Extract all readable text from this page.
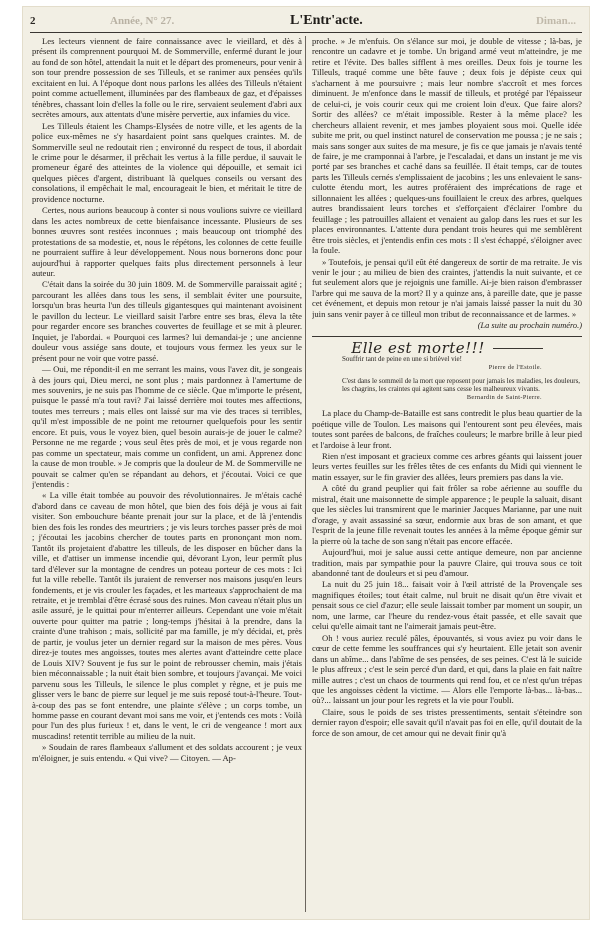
2	Année, N° 27.	L'Entr'acte.	Diman...

Les lecteurs viennent de faire connaissance avec le vieillard, et dès à présent ils comprennent pourquoi M. de Sommerville, enfermé durant le jour au fond de son hôtel, attendait la nuit et le départ des promeneurs, pour venir à son tour prendre possession de ses Tilleuls, et se ranimer aux pensées qu'ils excitaient en lui. A l'époque dont nous parlons les allées des Tilleuls n'étaient point comme actuellement, illuminées par des flambeaux de gaz, et d'épaisses ténèbres, chassant loin d'elles la folle ou le rire, servaient seulement d'abri aux secrètes amours, aux attentats d'une misère pervertie, aux infamies du vice.

Les Tilleuls étaient les Champs-Elysées de notre ville, et les agents de la police eux-mêmes ne s'y hasardaient point sans quelques craintes. M. de Sommerville seul ne redoutait rien ; environné du respect de tous, il abordait le crime pour le désarmer, il prêchait les vertus à la fille perdue, il sauvait le promeneur égaré des atteintes de la violence qui dépouille, et semait ici quelques pièces d'argent, distribuant là quelques conseils ou versant des consolations, il empêchait le mal, encourageait le bien, et méritait le titre de providence nocturne.

Certes, nous aurions beaucoup à conter si nous voulions suivre ce vieillard dans les actes nombreux de cette bienfaisance incessante. Plusieurs de ses bonnes œuvres sont restées inconnues ; mais beaucoup ont triomphé des protestations de sa modestie, et, nous le répétons, les colonnes de cette feuille ne pourraient suffire à leur développement. Nous nous bornerons donc pour aujourd'hui à rapporter quelques faits plus directement personnels à leur auteur.

C'était dans la soirée du 30 juin 1809. M. de Sommerville paraissait agité ; parcourant les allées dans tous les sens, il semblait éviter une poursuite, lorsqu'un bras heurta l'un des tilleuls gigantesques qui maintenant avoisinent le pavillon du lecteur. Le vieillard saisit l'arbre entre ses bras, éleva la tête pour regarder encore ses branches couvertes de feuillage et se mit à pleurer. Inquiet, je l'abordai. « Pourquoi ces larmes? lui demandai-je ; une ancienne douleur vous assiége sans doute, et toujours vous fermez les yeux sur le présent pour ne voir que votre passé.

— Oui, me répondit-il en me serrant les mains, vous l'avez dit, je songeais à des jours qui, Dieu merci, ne sont plus ; mais pardonnez à l'amertume de mes souvenirs, je ne suis pas l'homme de ce siècle. Que m'importe le présent, puisque le passé m'a tout ravi? J'ai laissé derrière moi toutes mes affections, toutes mes terreurs ; mais elles ont laissé sur ma vie des traces si terribles, qu'il m'est impossible de ne point me retourner quelquefois pour les sentir encore. Et puis, vous le voyez bien, quel besoin aurais-je de jouer le calme? Personne ne me regarde ; vous seul êtes près de moi, et je vous regarde non pas comme un spectateur, mais comme un confident, un ami. Apprenez donc la cause de mon trouble. » Je compris que la douleur de M. de Sommerville ne pouvait se calmer qu'en se répandant au dehors, et j'écoutai. Voici ce que j'entendis :

« La ville était tombée au pouvoir des révolutionnaires. Je m'étais caché d'abord dans ce caveau de mon hôtel, que bien des fois déjà je vous ai fait visiter. Son embouchure béante prenait jour sur la place, et de là j'entendis bien des fois les rondes des meurtriers ; je vis leurs torches passer près de moi ; j'écoutai les jacobins chercher de toutes parts en prononçant mon nom. Tantôt ils projetaient d'abattre les tilleuls, de les disposer en bûcher dans la ville, et d'attiser un immense incendie qui, dévorant Lyon, leur permît plus tard d'élever sur la montagne de cendres un poteau porteur de ces mots : Ici fut la ville rebelle. Tantôt ils juraient de renverser nos maisons jusqu'en leurs fondements, et je vis crouler les façades, et les marteaux s'approchaient de ma retraite, et je tremblai d'être écrasé sous des ruines. Mon caveau n'était plus un asile assuré, je le quittai pour m'enterrer ailleurs. Cependant une voie m'était ouverte pour quitter ma patrie ; long-temps j'hésitai à la prendre, dans la crainte d'une trahison ; mais, sollicité par ma famille, je m'y décidai, et, près de partir, je voulus jeter un dernier regard sur la maison de mes pères. Vous direz-je toutes mes angoisses, toutes mes alertes avant d'atteindre cette place de Louis XIV? Souvent je fus sur le point de rebrousser chemin, mais j'étais bien méconnaissable ; la nuit était bien sombre, et toujours j'avançai. Me voici parvenu sous les Tilleuls, le silence le plus complet y règne, et je puis me glisser vers le banc de pierre sur lequel je me suis reposé tout-à-l'heure. Tout-à-coup des pas se font entendre, une plainte s'élève ; un corps tombe, un homme passe en courant devant moi sans me voir, et j'entends ces mots : Voilà pour l'un des plus furieux ! et, dans le vent, le cri de vengeance ! mort aux muscadins! retentit terrible au milieu de la nuit.

» Soudain de rares flambeaux s'allument et des soldats accourent ; je veux m'éloigner, je suis entendu. « Qui vive? — Citoyen. — Ap-

proche. » Je m'enfuis. On s'élance sur moi, je double de vitesse ; là-bas, je rencontre un cadavre et je tombe. Un brigand armé veut m'atteindre, je me retire et l'évite. Des balles sifflent à mes oreilles. Deux fois je tourne les Tilleuls, traqué comme une bête fauve ; deux fois je dépiste ceux qui s'acharnent à me poursuivre ; mais leur nombre s'accroît et mes forces diminuent. Je m'enfonce dans le massif de tilleuls, et protégé par l'épaisseur de celui-ci, je vois courir ceux qui me croient loin d'eux. Que faire alors? Sortir des allées? ce m'était impossible. Rester à la même place? les chercheurs allaient revenir, et mes jambes ployaient sous moi. Quelle idée subite me prit, ou quel instinct naturel de conservation me poussa ; je ne sais ; mais sans songer aux suites de ma mesure, je fis ce que jamais je n'avais tenté de faire, je me cramponnai à l'arbre, je l'escaladai, et dans un instant je me vis porté par ses branches et caché dans sa feuillée. Il était temps, car de toutes parts les Tilleuls cernés s'emplissaient de jacobins ; les uns enlevaient le sans-culotte étendu mort, les autres proféraient des imprécations de rage et sillonnaient les allées ; quelques-uns fouillaient le creux des arbres, quelques autres brandissaient leurs torches et s'efforçaient d'éclairer l'ombre du feuillage ; les patrouilles allaient et venaient au galop dans les rues et sur les places environnantes. L'attente dura pendant trois heures qui me semblèrent être trois siècles, et j'entendis enfin ces mots : Il s'est échappé, s'éloigner avec la foule.

» Toutefois, je pensai qu'il eût été dangereux de sortir de ma retraite. Je vis venir le jour ; au milieu de bien des craintes, j'attendis la nuit suivante, et ce fut seulement alors que je rejoignis une famille. Ai-je bien raison d'embrasser l'arbre qui me sauva de la mort? Il y a quinze ans, à pareille date, que je passe cet événement, et depuis mon retour je n'ai jamais laissé passer la nuit du 30 juin sans venir payer à ce tilleul mon tribut de reconnaissance et de larmes. »

(La suite au prochain numéro.)
Elle est morte!!!
Souffrir tant de peine en une si brièvel vie!
Pierre de l'Estoile.
C'est dans le sommeil de la mort que reposent pour jamais les maladies, les douleurs, les chagrins, les craintes qui agitent sans cesse les malheureux vivants.
Bernardin de Saint-Pierre.

La place du Champ-de-Bataille est sans contredit le plus beau quartier de la poétique ville de Toulon. Les maisons qui l'entourent sont peu élevées, mais toutes sont parées de balcons, de fraîches couleurs; le marbre brille à leur pied et l'ardoise à leur front.

Rien n'est imposant et gracieux comme ces arbres géants qui laissent jouer leurs vertes feuilles sur les frêles têtes de ces enfants du Midi qui viennent le matin essayer, sur le fin gravier des allées, leurs premiers pas dans la vie.

A côté du grand peuplier qui fait frôler sa robe aérienne au souffle du mistral, était une maisonnette de simple apparence ; le peuple la saluait, disant que les siècles lui transmirent que le marinier Jacques Marianne, par une nuit d'orage, y avait assassiné sa sœur, endormie aux bras de son amant, et que l'esprit de la jeune fille revenait toutes les années à la même époque gémir sur la pierre où la tache de son sang n'était pas encore effacée.

Aujourd'hui, moi je salue aussi cette antique demeure, non par ancienne tradition, mais par sympathie pour la pauvre Claire, qui trouva sous ce toit abandonné tant de douleurs et si peu d'amour.

La nuit du 25 juin 18... faisait voir à l'œil attristé de la Provençale ses magnifiques étoiles; tout était calme, nul bruit ne disait qu'un être vivait et pensait sous ce ciel d'azur; elle seule laissait tomber par moment un soupir, un nom, une larme, car l'heure du rendez-vous était passée, et elle savait que celui qu'elle aimait tant ne l'aimerait jamais peut-être.

Oh ! vous auriez reculé pâles, épouvantés, si vous aviez pu voir dans le cœur de cette femme les souffrances qui s'y heurtaient. Elle jetait son avenir dans un abîme... dans l'abîme de ses pensées, de ses peines. C'est là le suicide le plus affreux ; c'est le sein percé d'un dard, et qui, dans la plaie en fait naître mille autres ; c'est un chaos de tourments qui rend fou, et ce n'est qu'un trépas que les angoisses cèdent la victime. — Alors elle l'emporte là-bas... là-bas... où?... laissant un jour pour les regrets et la vie pour l'oubli.

Claire, sous le poids de ses tristes pressentiments, sentait s'éteindre son dernier rayon d'espoir; elle savait qu'il n'avait pas foi en elle, qu'il doutait de la force de son amour, de cet amour qui ne devait finir qu'à
